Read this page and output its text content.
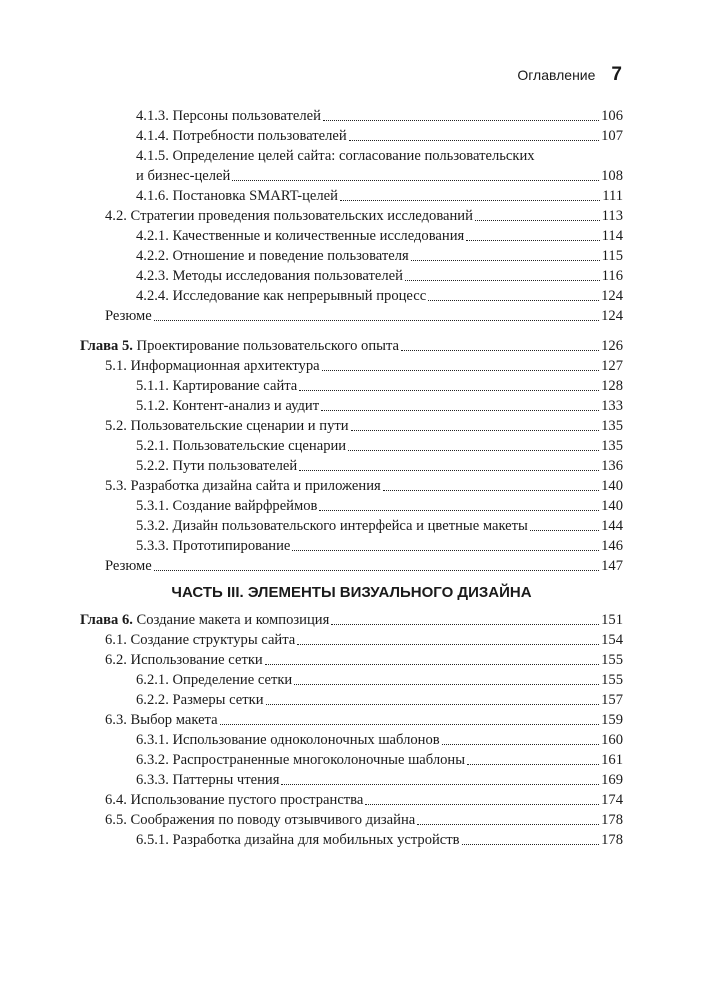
Оглавление 7
4.1.3. Персоны пользователей	106
4.1.4. Потребности пользователей	107
4.1.5. Определение целей сайта: согласование пользовательских
и бизнес-целей	108
4.1.6. Постановка SMART-целей	111
4.2. Стратегии проведения пользовательских исследований	113
4.2.1. Качественные и количественные исследования	114
4.2.2. Отношение и поведение пользователя	115
4.2.3. Методы исследования пользователей	116
4.2.4. Исследование как непрерывный процесс	124
Резюме	124
Глава 5. Проектирование пользовательского опыта	126
5.1. Информационная архитектура	127
5.1.1. Картирование сайта	128
5.1.2. Контент-анализ и аудит	133
5.2. Пользовательские сценарии и пути	135
5.2.1. Пользовательские сценарии	135
5.2.2. Пути пользователей	136
5.3. Разработка дизайна сайта и приложения	140
5.3.1. Создание вайрфреймов	140
5.3.2. Дизайн пользовательского интерфейса и цветные макеты	144
5.3.3. Прототипирование	146
Резюме	147
ЧАСТЬ III. ЭЛЕМЕНТЫ ВИЗУАЛЬНОГО ДИЗАЙНА
Глава 6. Создание макета и композиция	151
6.1. Создание структуры сайта	154
6.2. Использование сетки	155
6.2.1. Определение сетки	155
6.2.2. Размеры сетки	157
6.3. Выбор макета	159
6.3.1. Использование одноколоночных шаблонов	160
6.3.2. Распространенные многоколоночные шаблоны	161
6.3.3. Паттерны чтения	169
6.4. Использование пустого пространства	174
6.5. Соображения по поводу отзывчивого дизайна	178
6.5.1. Разработка дизайна для мобильных устройств	178
